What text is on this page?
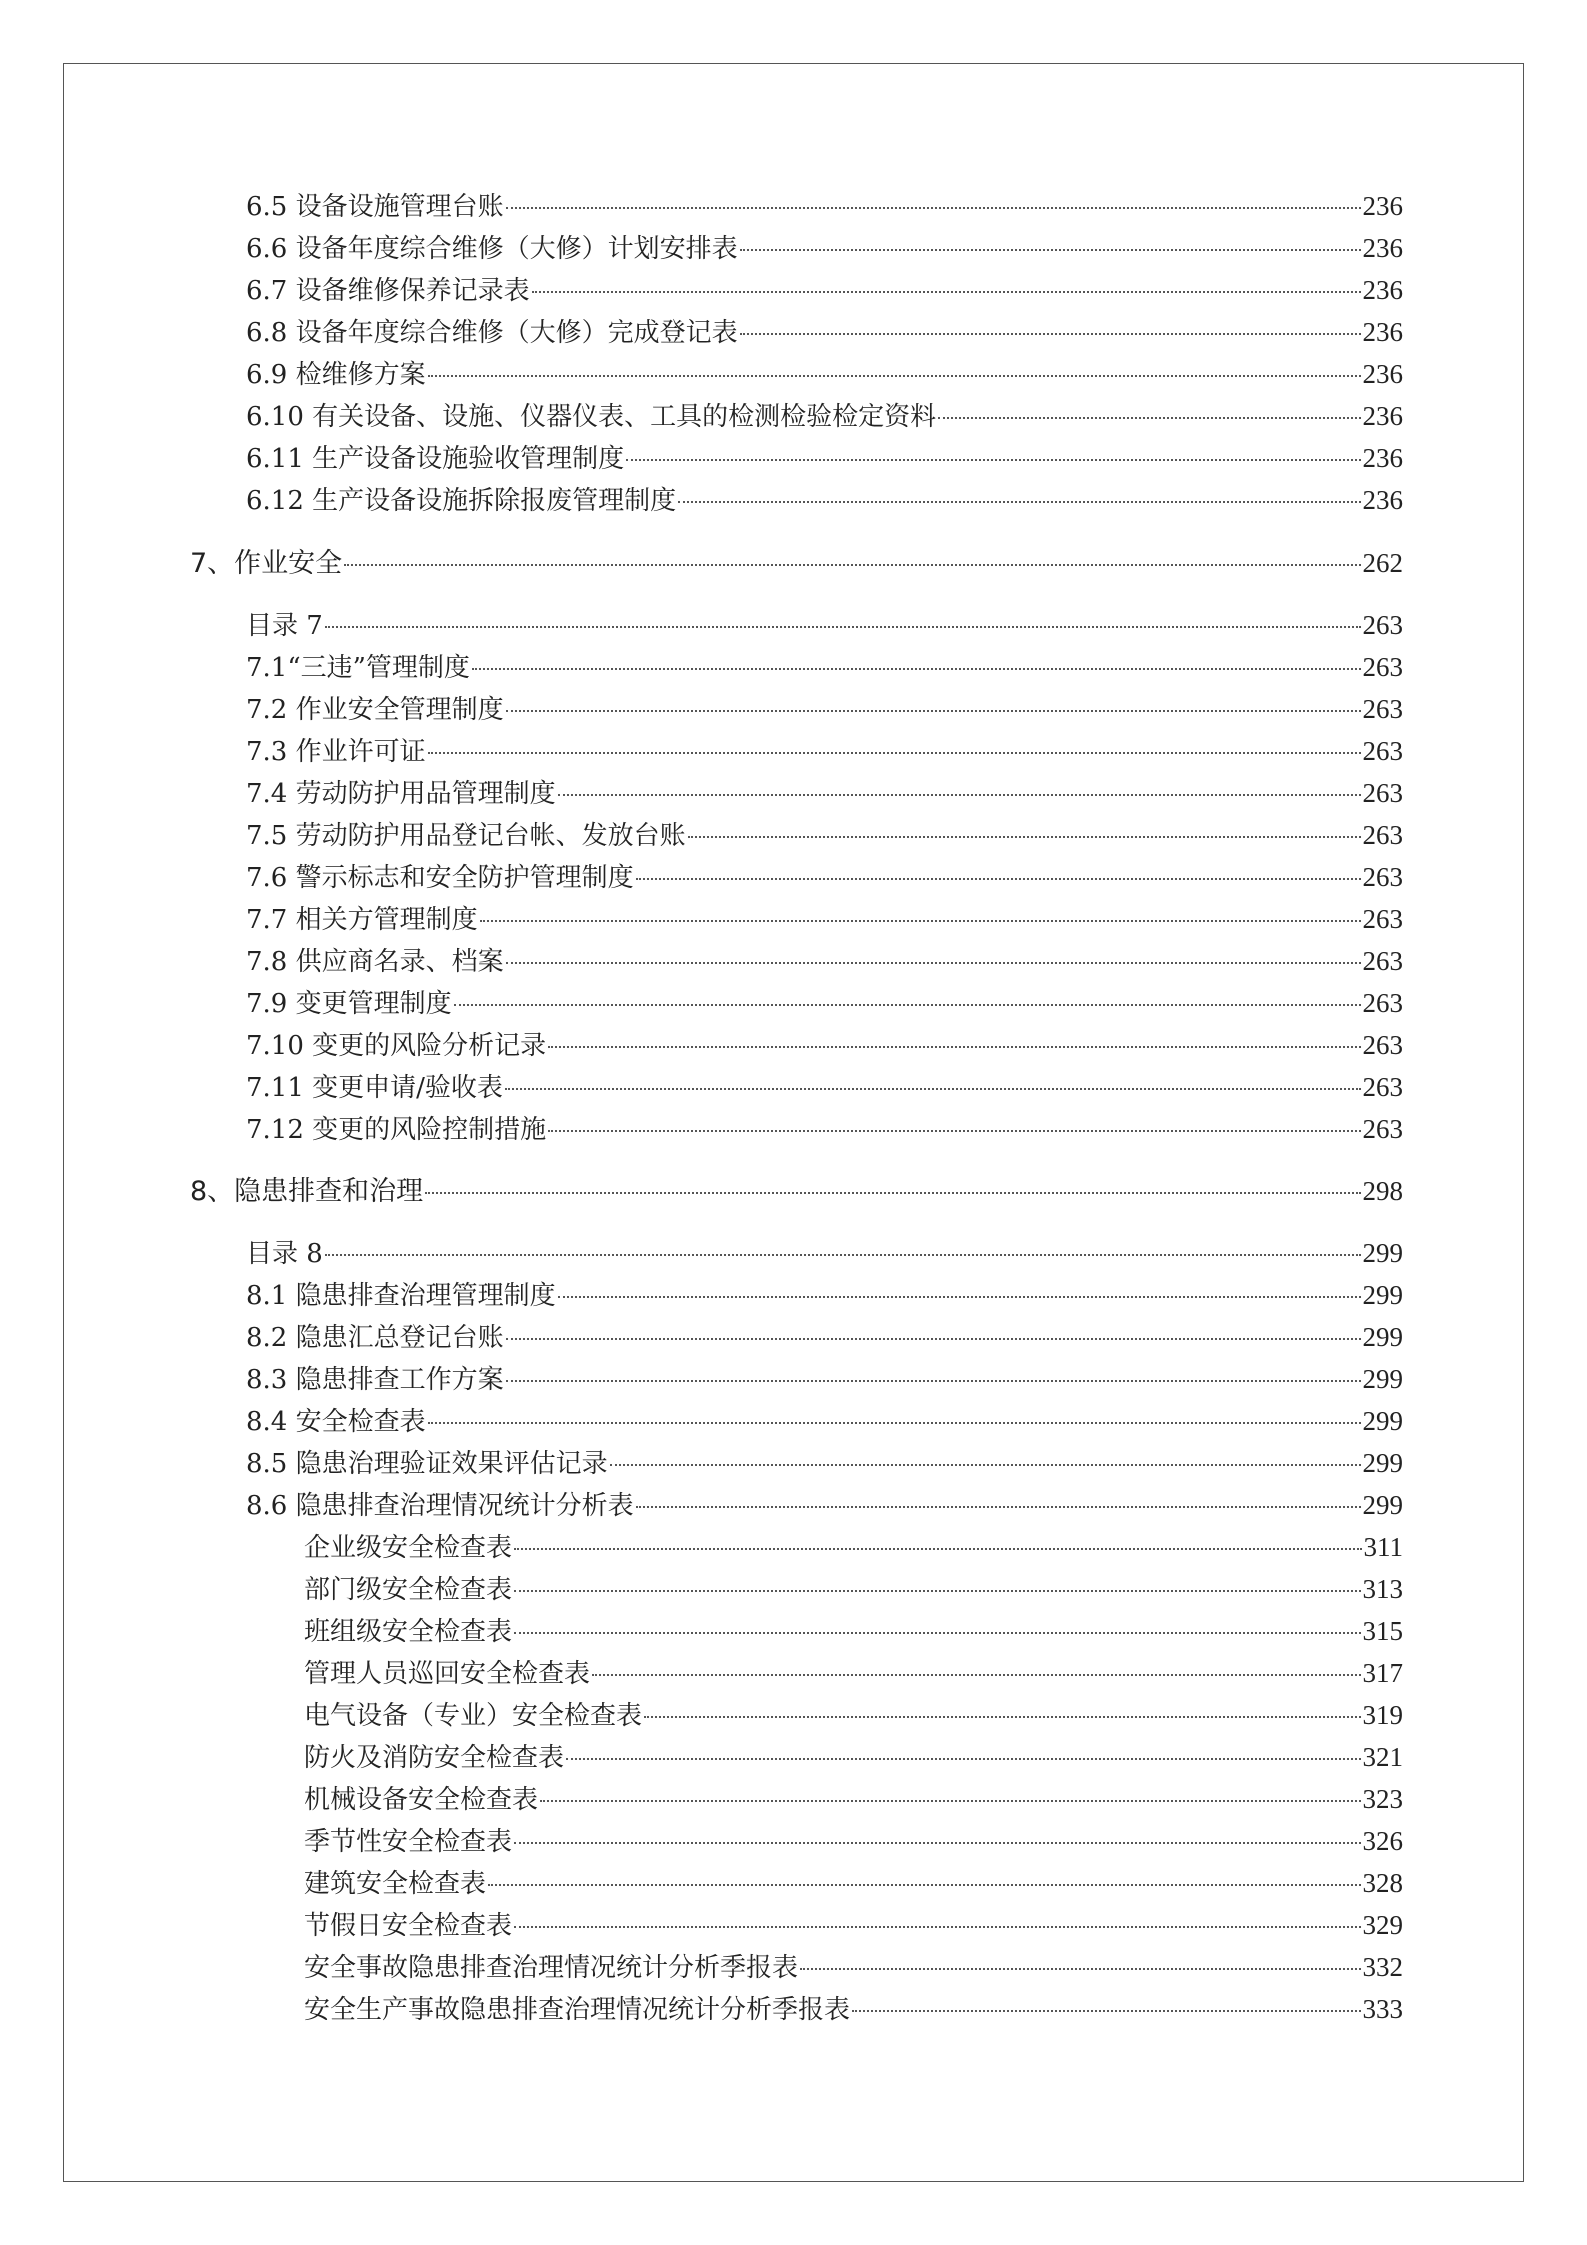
6.5 设备设施管理台账	236
6.6 设备年度综合维修（大修）计划安排表	236
6.7 设备维修保养记录表	236
6.8 设备年度综合维修（大修）完成登记表	236
6.9 检维修方案	236
6.10 有关设备、设施、仪器仪表、工具的检测检验检定资料	236
6.11 生产设备设施验收管理制度	236
6.12 生产设备设施拆除报废管理制度	236
7、作业安全	262
目录 7	263
7.1“三违”管理制度	263
7.2 作业安全管理制度	263
7.3 作业许可证	263
7.4 劳动防护用品管理制度	263
7.5 劳动防护用品登记台帐、发放台账	263
7.6 警示标志和安全防护管理制度	263
7.7 相关方管理制度	263
7.8 供应商名录、档案	263
7.9 变更管理制度	263
7.10 变更的风险分析记录	263
7.11 变更申请/验收表	263
7.12 变更的风险控制措施	263
8、隐患排查和治理	298
目录 8	299
8.1 隐患排查治理管理制度	299
8.2 隐患汇总登记台账	299
8.3 隐患排查工作方案	299
8.4 安全检查表	299
8.5 隐患治理验证效果评估记录	299
8.6 隐患排查治理情况统计分析表	299
企业级安全检查表	311
部门级安全检查表	313
班组级安全检查表	315
管理人员巡回安全检查表	317
电气设备（专业）安全检查表	319
防火及消防安全检查表	321
机械设备安全检查表	323
季节性安全检查表	326
建筑安全检查表	328
节假日安全检查表	329
安全事故隐患排查治理情况统计分析季报表	332
安全生产事故隐患排查治理情况统计分析季报表	333
